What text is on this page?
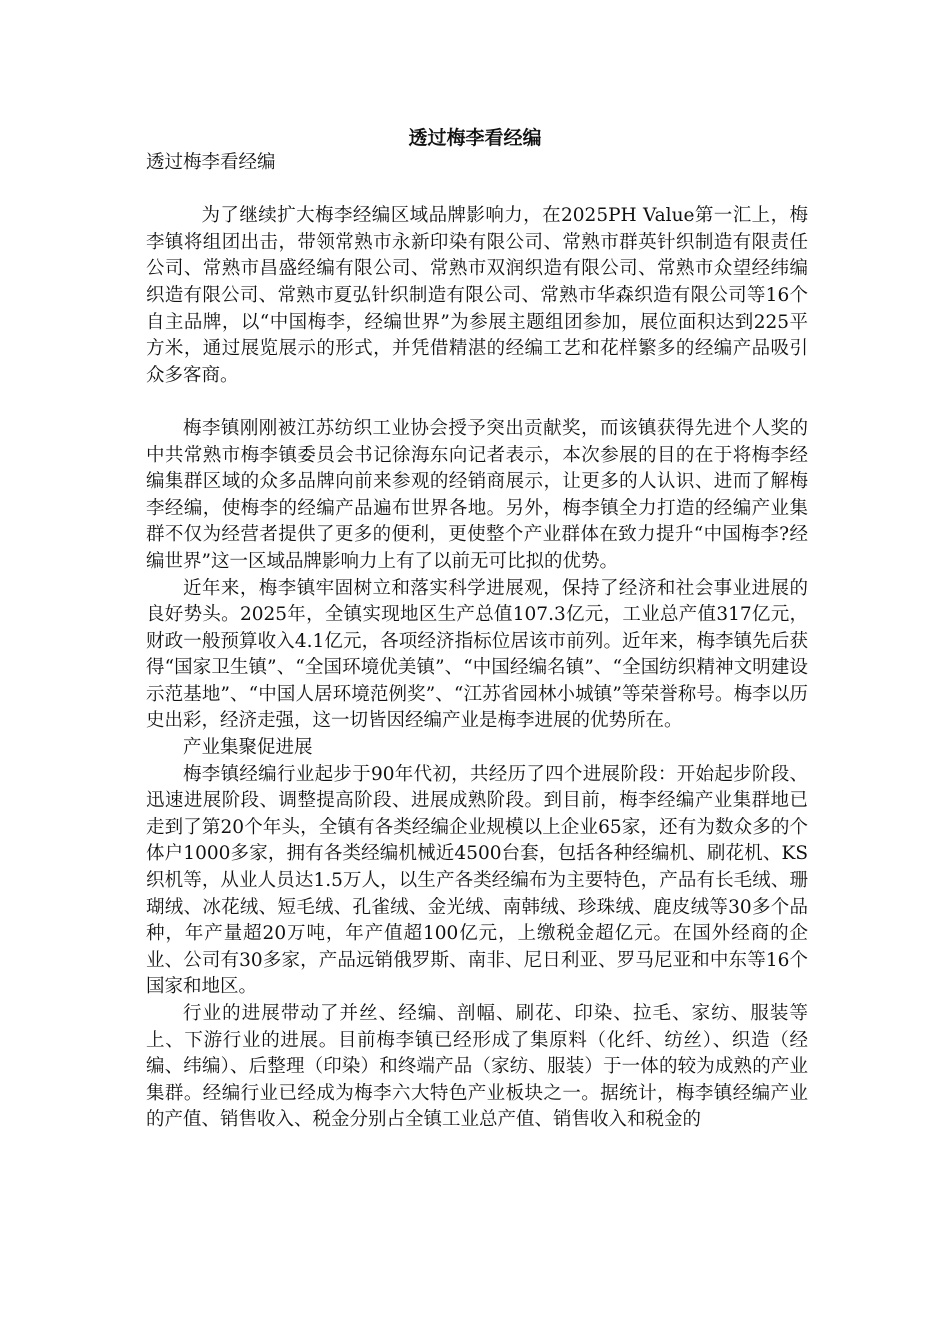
透过梅李看经编

透过梅李看经编

为了继续扩大梅李经编区域品牌影响力，在2025PH Value第一汇上，梅李镇将组团出击，带领常熟市永新印染有限公司、常熟市群英针织制造有限责任公司、常熟市昌盛经编有限公司、常熟市双润织造有限公司、常熟市众望经纬编织造有限公司、常熟市夏弘针织制造有限公司、常熟市华森织造有限公司等16个自主品牌，以“中国梅李，经编世界”为参展主题组团参加，展位面积达到225平方米，通过展览展示的形式，并凭借精湛的经编工艺和花样繁多的经编产品吸引众多客商。

梅李镇刚刚被江苏纺织工业协会授予突出贡献奖，而该镇获得先进个人奖的中共常熟市梅李镇委员会书记徐海东向记者表示，本次参展的目的在于将梅李经编集群区域的众多品牌向前来参观的经销商展示，让更多的人认识、进而了解梅李经编，使梅李的经编产品遍布世界各地。另外，梅李镇全力打造的经编产业集群不仅为经营者提供了更多的便利，更使整个产业群体在致力提升“中国梅李?经编世界”这一区域品牌影响力上有了以前无可比拟的优势。

近年来，梅李镇牢固树立和落实科学进展观，保持了经济和社会事业进展的良好势头。2025年，全镇实现地区生产总值107.3亿元，工业总产值317亿元，财政一般预算收入4.1亿元，各项经济指标位居该市前列。近年来，梅李镇先后获得“国家卫生镇”、“全国环境优美镇”、“中国经编名镇”、“全国纺织精神文明建设示范基地”、“中国人居环境范例奖”、“江苏省园林小城镇”等荣誉称号。梅李以历史出彩，经济走强，这一切皆因经编产业是梅李进展的优势所在。

产业集聚促进展

梅李镇经编行业起步于90年代初，共经历了四个进展阶段：开始起步阶段、迅速进展阶段、调整提高阶段、进展成熟阶段。到目前，梅李经编产业集群地已走到了第20个年头，全镇有各类经编企业规模以上企业65家，还有为数众多的个体户1000多家，拥有各类经编机械近4500台套，包括各种经编机、刷花机、KS织机等，从业人员达1.5万人，以生产各类经编布为主要特色，产品有长毛绒、珊瑚绒、冰花绒、短毛绒、孔雀绒、金光绒、南韩绒、珍珠绒、鹿皮绒等30多个品种，年产量超20万吨，年产值超100亿元，上缴税金超亿元。在国外经商的企业、公司有30多家，产品远销俄罗斯、南非、尼日利亚、罗马尼亚和中东等16个国家和地区。

行业的进展带动了并丝、经编、剖幅、刷花、印染、拉毛、家纺、服装等上、下游行业的进展。目前梅李镇已经形成了集原料（化纤、纺丝）、织造（经编、纬编）、后整理（印染）和终端产品（家纺、服装）于一体的较为成熟的产业集群。经编行业已经成为梅李六大特色产业板块之一。据统计，梅李镇经编产业的产值、销售收入、税金分别占全镇工业总产值、销售收入和税金的
